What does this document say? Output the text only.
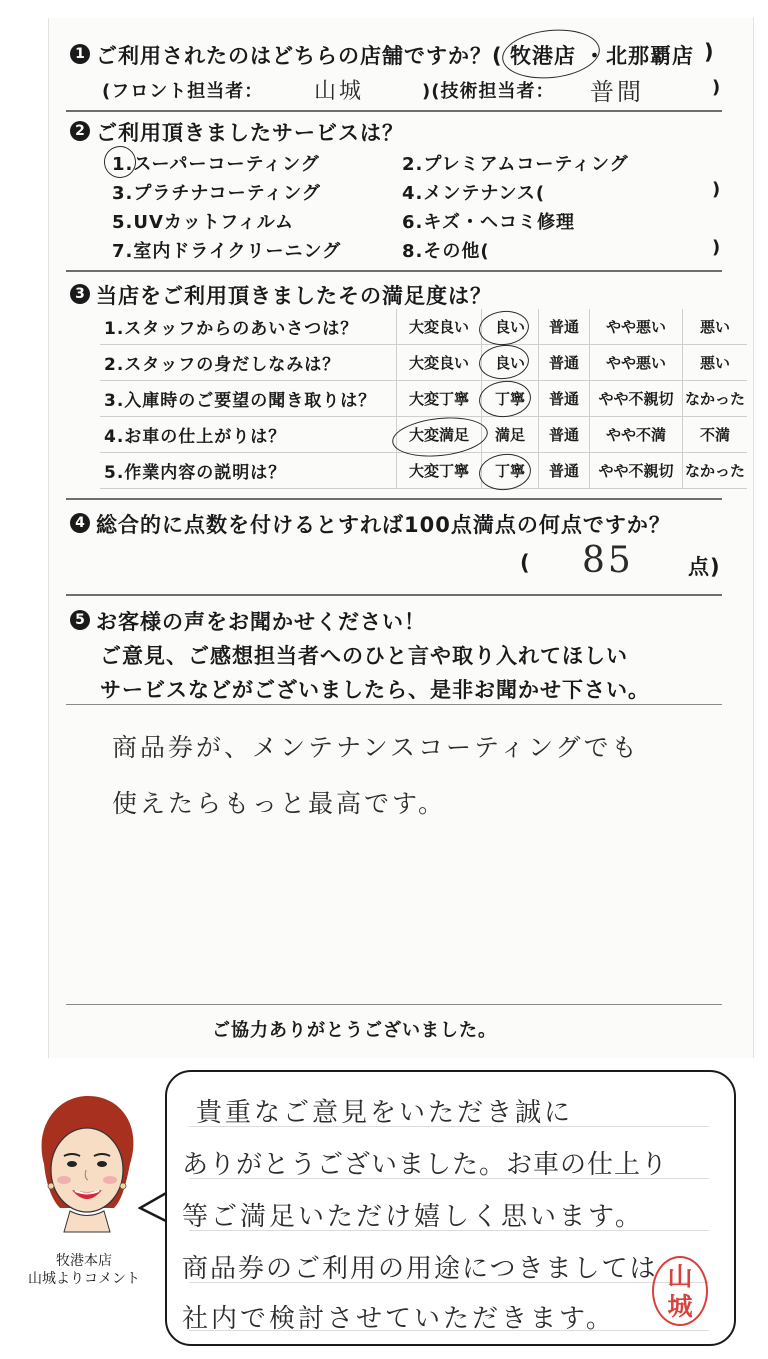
1 ご利用されたのはどちらの店舗ですか？( 牧港店 ・ 北那覇店 )
(フロント担当者： 山城	)(技術担当者： 普間	)
2 ご利用頂きましたサービスは？
1.スーパーコーティング	2.プレミアムコーティング
3.プラチナコーティング	4.メンテナンス(	)
5.UVカットフィルム	6.キズ・ヘコミ修理
7.室内ドライクリーニング	8.その他(	)
3 当店をご利用頂きましたその満足度は？
1.スタッフからのあいさつは？	大変良い	良い	普通	やや悪い	悪い
2.スタッフの身だしなみは？	大変良い	良い	普通	やや悪い	悪い
3.入庫時のご要望の聞き取りは？	大変丁寧	丁寧	普通	やや不親切	なかった
4.お車の仕上がりは？	大変満足	満足	普通	やや不満	不満
5.作業内容の説明は？	大変丁寧	丁寧	普通	やや不親切	なかった
4 総合的に点数を付けるとすれば100点満点の何点ですか？
( 85	点)
5 お客様の声をお聞かせください！
ご意見、ご感想担当者へのひと言や取り入れてほしい
サービスなどがございましたら、是非お聞かせ下さい。
商品券が、メンテナンスコーティングでも
使えたらもっと最高です。
ご協力ありがとうございました。
牧港本店
山城よりコメント
貴重なご意見をいただき誠に
ありがとうございました。お車の仕上り
等ご満足いただけ嬉しく思います。
商品券のご利用の用途につきましては
社内で検討させていただきます。
山
城
